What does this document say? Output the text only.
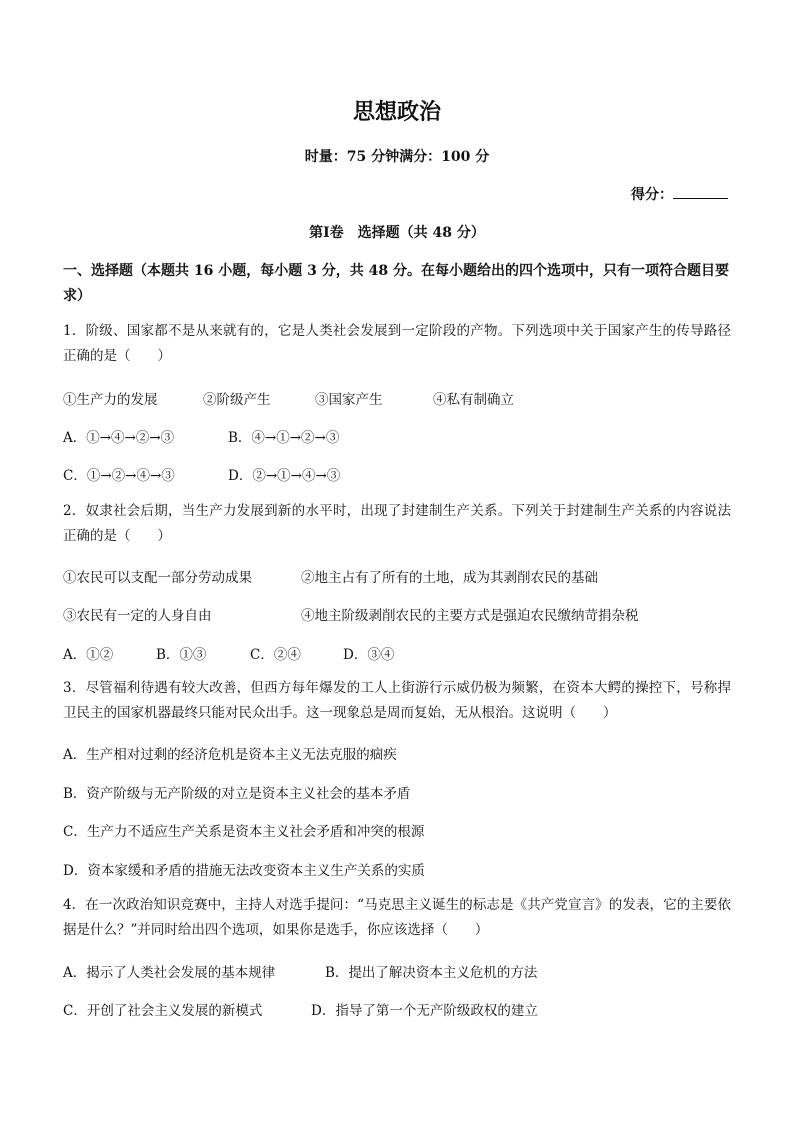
思想政治
时量：75 分钟满分：100 分
得分：
第Ⅰ卷　选择题（共 48 分）
一、选择题（本题共 16 小题，每小题 3 分，共 48 分。在每小题给出的四个选项中，只有一项符合题目要求）
1．阶级、国家都不是从来就有的，它是人类社会发展到一定阶段的产物。下列选项中关于国家产生的传导路径正确的是（　　）
①生产力的发展	②阶级产生	③国家产生	④私有制确立
A．①→④→②→③	B．④→①→②→③
C．①→②→④→③	D．②→①→④→③
2．奴隶社会后期，当生产力发展到新的水平时，出现了封建制生产关系。下列关于封建制生产关系的内容说法正确的是（　　）
①农民可以支配一部分劳动成果	②地主占有了所有的土地，成为其剥削农民的基础
③农民有一定的人身自由	④地主阶级剥削农民的主要方式是强迫农民缴纳苛捐杂税
A．①②	B．①③	C．②④	D．③④
3．尽管福利待遇有较大改善，但西方每年爆发的工人上街游行示威仍极为频繁，在资本大鳄的操控下，号称捍卫民主的国家机器最终只能对民众出手。这一现象总是周而复始，无从根治。这说明（　　）
A．生产相对过剩的经济危机是资本主义无法克服的痼疾
B．资产阶级与无产阶级的对立是资本主义社会的基本矛盾
C．生产力不适应生产关系是资本主义社会矛盾和冲突的根源
D．资本家缓和矛盾的措施无法改变资本主义生产关系的实质
4．在一次政治知识竞赛中，主持人对选手提问：“马克思主义诞生的标志是《共产党宣言》的发表，它的主要依据是什么？”并同时给出四个选项，如果你是选手，你应该选择（　　）
A．揭示了人类社会发展的基本规律	B．提出了解决资本主义危机的方法
C．开创了社会主义发展的新模式	D．指导了第一个无产阶级政权的建立
